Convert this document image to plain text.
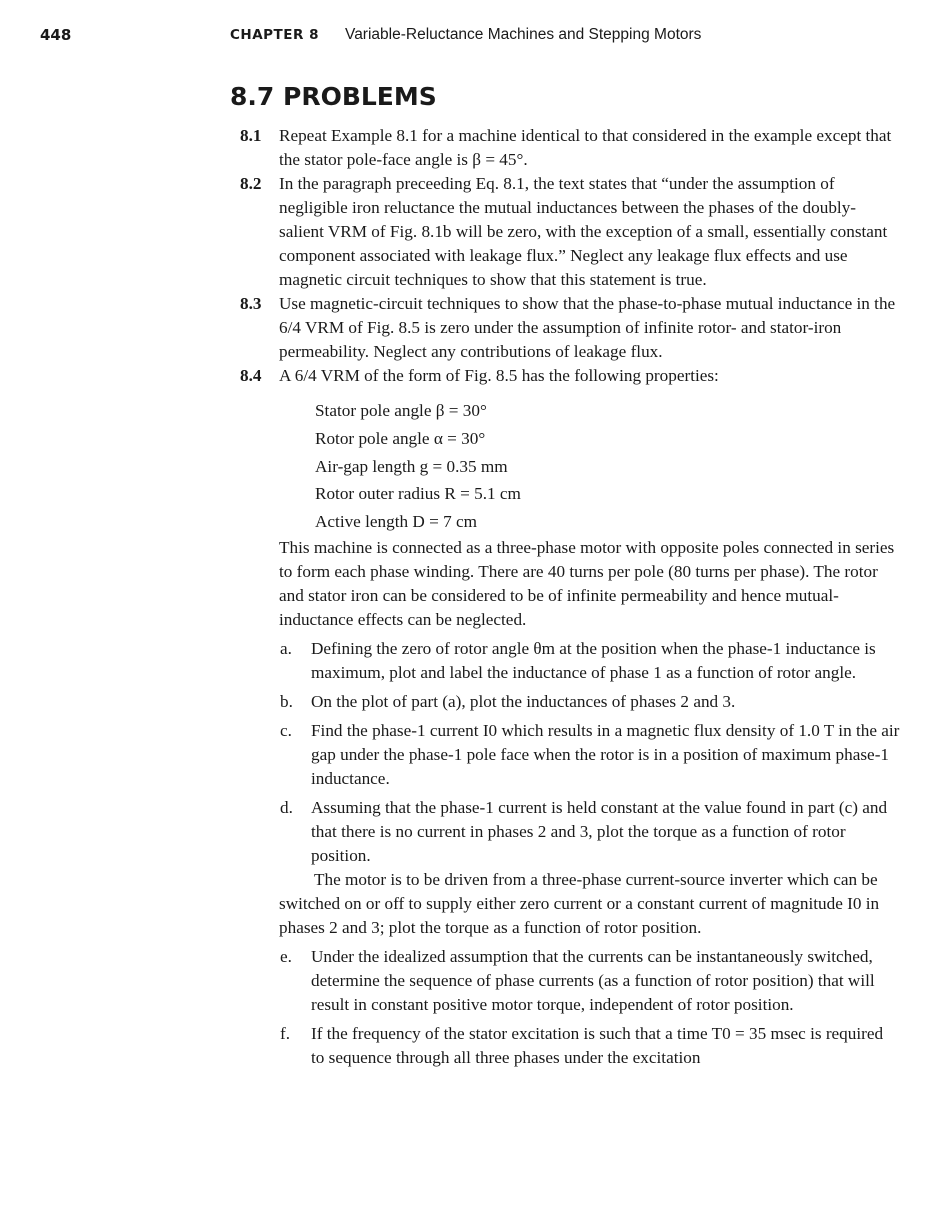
448	CHAPTER 8 Variable-Reluctance Machines and Stepping Motors
8.7 PROBLEMS
8.1 Repeat Example 8.1 for a machine identical to that considered in the example except that the stator pole-face angle is β = 45°.

8.2 In the paragraph preceeding Eq. 8.1, the text states that “under the assumption of negligible iron reluctance the mutual inductances between the phases of the doubly-salient VRM of Fig. 8.1b will be zero, with the exception of a small, essentially constant component associated with leakage flux.” Neglect any leakage flux effects and use magnetic circuit techniques to show that this statement is true.

8.3 Use magnetic-circuit techniques to show that the phase-to-phase mutual inductance in the 6/4 VRM of Fig. 8.5 is zero under the assumption of infinite rotor- and stator-iron permeability. Neglect any contributions of leakage flux.

8.4 A 6/4 VRM of the form of Fig. 8.5 has the following properties:

Stator pole angle β = 30°
Rotor pole angle α = 30°
Air-gap length g = 0.35 mm
Rotor outer radius R = 5.1 cm
Active length D = 7 cm

This machine is connected as a three-phase motor with opposite poles connected in series to form each phase winding. There are 40 turns per pole (80 turns per phase). The rotor and stator iron can be considered to be of infinite permeability and hence mutual-inductance effects can be neglected.

a. Defining the zero of rotor angle θm at the position when the phase-1 inductance is maximum, plot and label the inductance of phase 1 as a function of rotor angle.

b. On the plot of part (a), plot the inductances of phases 2 and 3.

c. Find the phase-1 current I0 which results in a magnetic flux density of 1.0 T in the air gap under the phase-1 pole face when the rotor is in a position of maximum phase-1 inductance.

d. Assuming that the phase-1 current is held constant at the value found in part (c) and that there is no current in phases 2 and 3, plot the torque as a function of rotor position.

The motor is to be driven from a three-phase current-source inverter which can be switched on or off to supply either zero current or a constant current of magnitude I0 in phases 2 and 3; plot the torque as a function of rotor position.

e. Under the idealized assumption that the currents can be instantaneously switched, determine the sequence of phase currents (as a function of rotor position) that will result in constant positive motor torque, independent of rotor position.

f. If the frequency of the stator excitation is such that a time T0 = 35 msec is required to sequence through all three phases under the excitation
